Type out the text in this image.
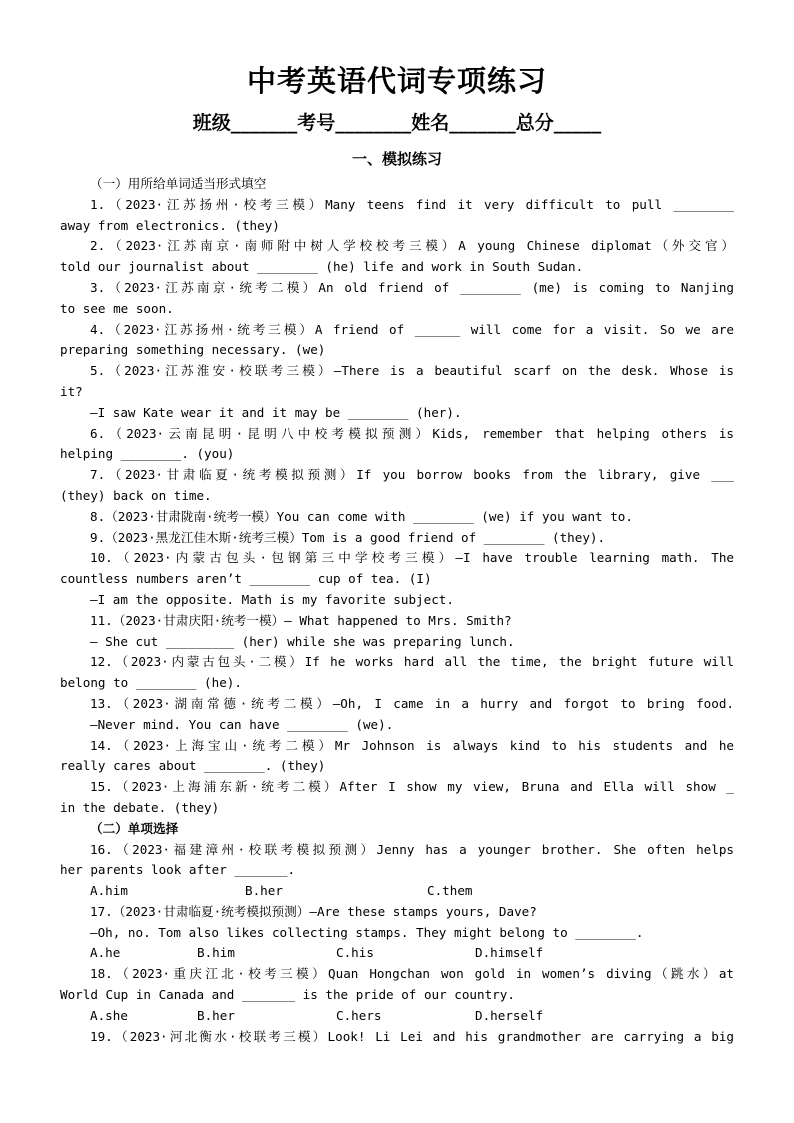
中考英语代词专项练习
班级_______考号________姓名_______总分_____
一、模拟练习
（一）用所给单词适当形式填空
1.（2023·江苏扬州·校考三模）Many teens find it very difficult to pull ________
away from electronics. (they)
2.（2023·江苏南京·南师附中树人学校校考三模）A young Chinese diplomat（外交官）
told our journalist about ________ (he) life and work in South Sudan.
3.（2023·江苏南京·统考二模）An old friend of ________ (me) is coming to Nanjing
to see me soon.
4.（2023·江苏扬州·统考三模）A friend of ______ will come for a visit. So we are
preparing something necessary. (we)
5.（2023·江苏淮安·校联考三模）—There is a beautiful scarf on the desk. Whose is
it?
—I saw Kate wear it and it may be ________ (her).
6.（2023·云南昆明·昆明八中校考模拟预测）Kids, remember that helping others is
helping ________. (you)
7.（2023·甘肃临夏·统考模拟预测）If you borrow books from the library, give ___
(they) back on time.
8.（2023·甘肃陇南·统考一模）You can come with ________ (we) if you want to.
9.（2023·黑龙江佳木斯·统考三模）Tom is a good friend of ________ (they).
10.（2023·内蒙古包头·包钢第三中学校考三模）—I have trouble learning math. The
countless numbers aren’t ________ cup of tea. (I)
—I am the opposite. Math is my favorite subject.
11.（2023·甘肃庆阳·统考一模）— What happened to Mrs. Smith?
— She cut _________ (her) while she was preparing lunch.
12.（2023·内蒙古包头·二模）If he works hard all the time, the bright future will
belong to ________ (he).
13.（2023·湖南常德·统考二模）—Oh, I came in a hurry and forgot to bring food.
—Never mind. You can have ________ (we).
14.（2023·上海宝山·统考二模）Mr Johnson is always kind to his students and he
really cares about ________. (they)
15.（2023·上海浦东新·统考二模）After I show my view, Bruna and Ella will show _
in the debate. (they)
（二）单项选择
16.（2023·福建漳州·校联考模拟预测）Jenny has a younger brother. She often helps
her parents look after _______.
A.him	B.her	C.them
17.（2023·甘肃临夏·统考模拟预测）—Are these stamps yours, Dave?
—Oh, no. Tom also likes collecting stamps. They might belong to ________.
A.he	B.him	C.his	D.himself
18.（2023·重庆江北·校考三模）Quan Hongchan won gold in women’s diving（跳水）at
World Cup in Canada and _______ is the pride of our country.
A.she	B.her	C.hers	D.herself
19.（2023·河北衡水·校联考三模）Look! Li Lei and his grandmother are carrying a big
